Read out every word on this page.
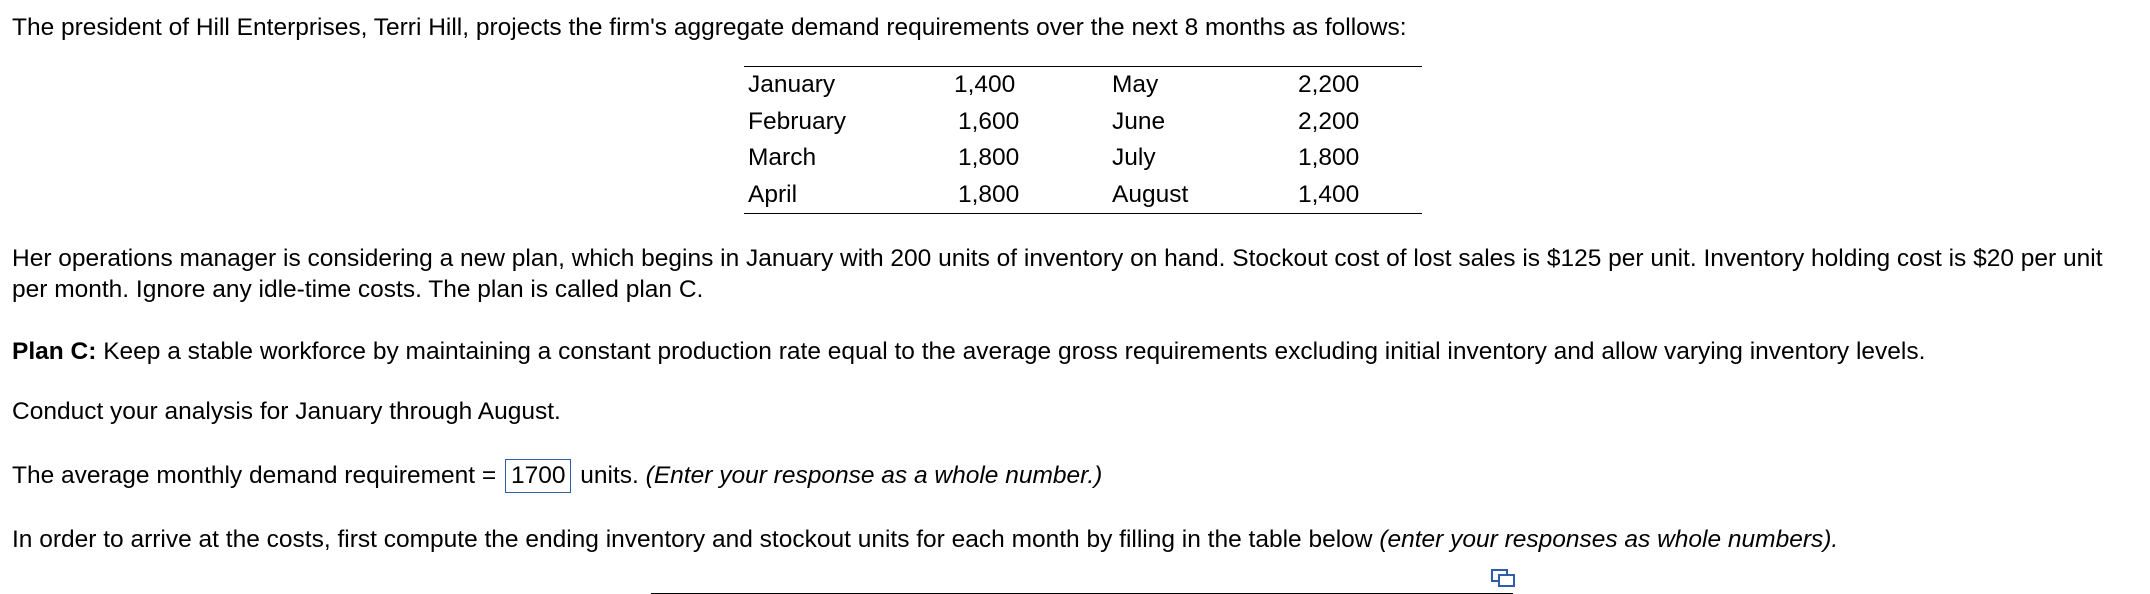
The president of Hill Enterprises, Terri Hill, projects the firm's aggregate demand requirements over the next 8 months as follows:

January	1,400	May	2,200
February	1,600	June	2,200
March	1,800	July	1,800
April	1,800	August	1,400

Her operations manager is considering a new plan, which begins in January with 200 units of inventory on hand. Stockout cost of lost sales is $125 per unit. Inventory holding cost is $20 per unit per month. Ignore any idle-time costs. The plan is called plan C.

Plan C: Keep a stable workforce by maintaining a constant production rate equal to the average gross requirements excluding initial inventory and allow varying inventory levels.

Conduct your analysis for January through August.

The average monthly demand requirement = 1700 units. (Enter your response as a whole number.)

In order to arrive at the costs, first compute the ending inventory and stockout units for each month by filling in the table below (enter your responses as whole numbers).
